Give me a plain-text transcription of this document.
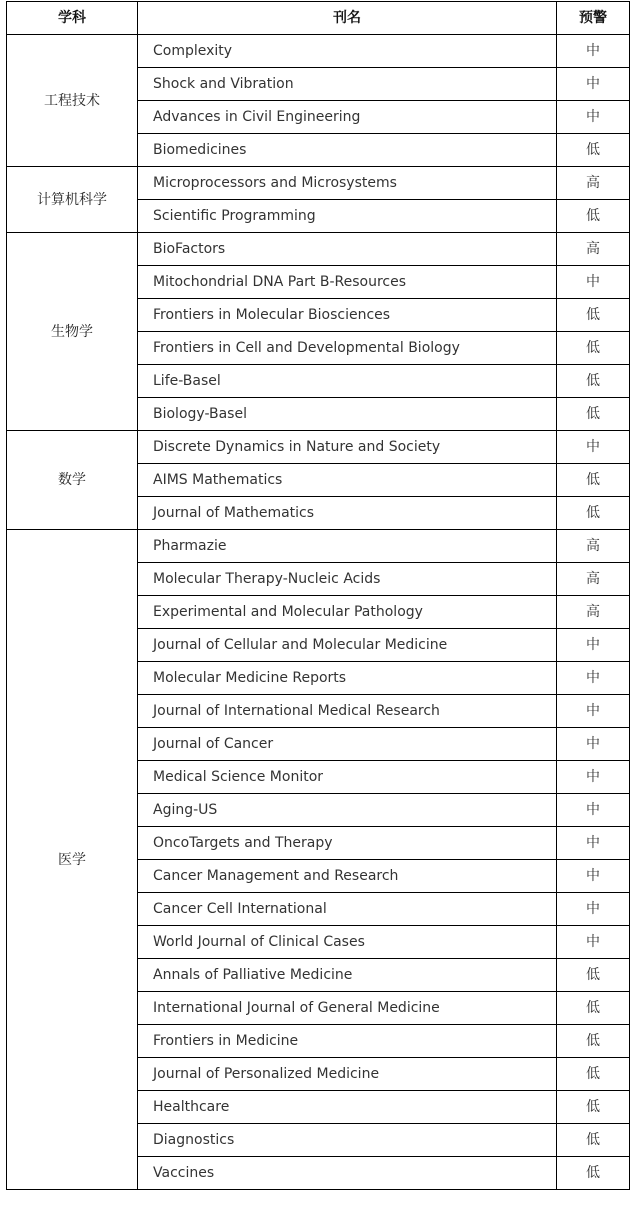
学科	刊名	预警
工程技术	Complexity	中
	Shock and Vibration	中
	Advances in Civil Engineering	中
	Biomedicines	低
计算机科学	Microprocessors and Microsystems	高
	Scientific Programming	低
生物学	BioFactors	高
	Mitochondrial DNA Part B-Resources	中
	Frontiers in Molecular Biosciences	低
	Frontiers in Cell and Developmental Biology	低
	Life-Basel	低
	Biology-Basel	低
数学	Discrete Dynamics in Nature and Society	中
	AIMS Mathematics	低
	Journal of Mathematics	低
医学	Pharmazie	高
	Molecular Therapy-Nucleic Acids	高
	Experimental and Molecular Pathology	高
	Journal of Cellular and Molecular Medicine	中
	Molecular Medicine Reports	中
	Journal of International Medical Research	中
	Journal of Cancer	中
	Medical Science Monitor	中
	Aging-US	中
	OncoTargets and Therapy	中
	Cancer Management and Research	中
	Cancer Cell International	中
	World Journal of Clinical Cases	中
	Annals of Palliative Medicine	低
	International Journal of General Medicine	低
	Frontiers in Medicine	低
	Journal of Personalized Medicine	低
	Healthcare	低
	Diagnostics	低
	Vaccines	低
